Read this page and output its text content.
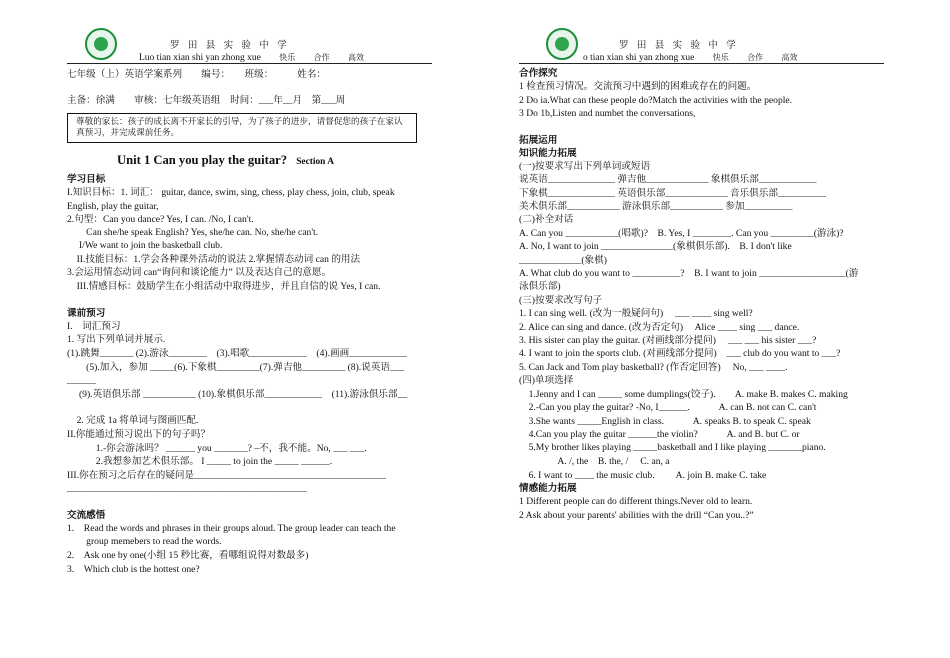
罗 田 县 实 验 中 学
Luo tian xian shi yan zhong xue 快乐 合作 高效
七年级（上）英语学案系列　　编号：　　班级：　　　姓名：
主备：徐满　　审核：七年级英语组　时间：___年__月　第___周
尊敬的家长：孩子的成长离不开家长的引导，为了孩子的进步，请督促您的孩子在家认真预习，并完成课前任务。
Unit 1 Can you play the guitar? Section A
学习目标
I.知识目标：1. 词汇： guitar, dance, swim, sing, chess, play chess, join, club, speak
English, play the guitar,
2.句型：Can you dance? Yes, I can. /No, I can't.
　　Can she/he speak English? Yes, she/he can. No, she/he can't.
　 I/We want to join the basketball club.
　II.技能目标：1.学会各种课外活动的说法 2.掌握情态动词 can 的用法
3.会运用情态动词 can“询问和谈论能力” 以及表达自己的意愿。
　III.情感目标：鼓励学生在小组活动中取得进步，并且自信的说 Yes, I can.
课前预习
I.　词汇预习
1. 写出下列单词并展示.
(1).跳舞_______ (2).游泳________　(3).唱歌____________　(4).画画____________
　　(5).加入，参加 _____(6).下象棋_________(7).弹吉他_________ (8).说英语___
______
　 (9).英语俱乐部 ___________ (10).象棋俱乐部____________　(11).游泳俱乐部__
　2. 完成 1a 将单词与图画匹配.
II.你能通过预习说出下的句子吗？
　　　1.-你会游泳吗？ ______ you _______? –不，我不能。No, ___ ___.
　　　2.我想参加艺术俱乐部。 I _____ to join the _____ ______.
III.你在预习之后存在的疑问是________________________________________
__________________________________________________
交流感悟
1.　Read the words and phrases in their groups aloud. The group leader can teach the
　　group memebers to read the words.
2.　Ask one by one(小组 15 秒比赛，看哪组说得对数最多)
3.　Which club is the hottest one?
罗 田 县 实 验 中 学
o tian xian shi yan zhong xue 快乐 合作 高效
合作探究
1 检查预习情况。交流预习中遇到的困难或存在的问题。
2 Do ia.What can these people do?Match the activities with the people.
3 Do 1b,Listen and numbet the conversations,
拓展运用
知识能力拓展
(一)按要求写出下列单词或短语
说英语______________ 弹吉他_____________ 象棋俱乐部____________
下象棋______________ 英语俱乐部_____________ 音乐俱乐部__________
美术俱乐部___________ 游泳俱乐部___________ 参加__________
(二)补全对话
A. Can you ___________(唱歌)?　B. Yes, I ________. Can you _________(游泳)?
A. No, I want to join _______________(象棋俱乐部).　B. I don't like
_____________(象棋)
A. What club do you want to __________?　B. I want to join __________________(游
泳俱乐部)
(三)按要求改写句子
1. I can sing well. (改为一般疑问句)　 ___ ____ sing well?
2. Alice can sing and dance. (改为否定句)　 Alice ____ sing ___ dance.
3. His sister can play the guitar. (对画线部分提问)　 ___ ___ his sister ___?
4. I want to join the sports club. (对画线部分提问)　___ club do you want to ___?
5. Can Jack and Tom play basketball? (作否定回答)　 No, ___ ____.
(四)单项选择
　1.Jenny and I can _____ some dumplings(饺子).　　A. make B. makes C. making
　2.-Can you play the guitar? -No, I______.　　　A. can B. not can C. can't
　3.She wants _____English in class.　　　A. speaks B. to speak C. speak
　4.Can you play the guitar ______the violin?　　　A. and B. but C. or
　5.My brother likes playing _____basketball and I like playing _______piano.
　　　　A. /, the　B. the, /　 C. an, a
　6. I want to ____ the music club.　　 A. join B. make C. take
情感能力拓展
1 Different people can do different things.Never old to learn.
2 Ask about your parents' abilities with the drill “Can you..?”
